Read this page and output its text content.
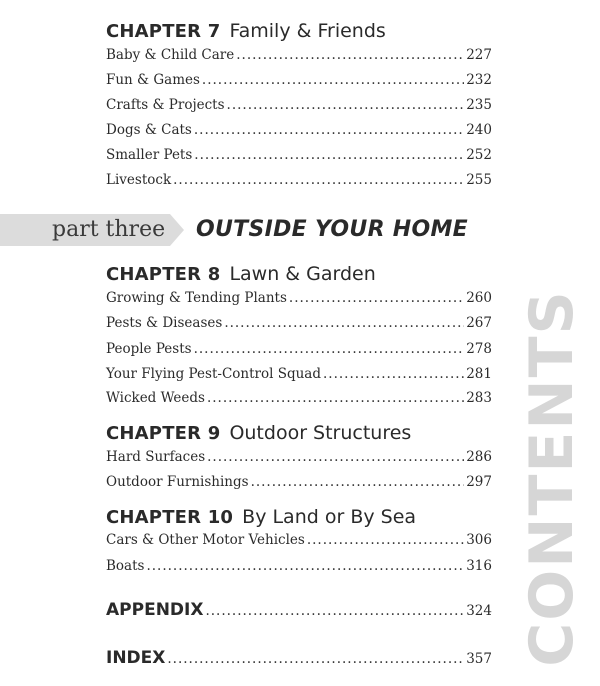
CHAPTER 7 Family & Friends
Baby & Child Care .....	227
Fun & Games .....	232
Crafts & Projects .....	235
Dogs & Cats .....	240
Smaller Pets .....	252
Livestock .....	255
part three OUTSIDE YOUR HOME
CHAPTER 8 Lawn & Garden
Growing & Tending Plants .....	260
Pests & Diseases .....	267
People Pests .....	278
Your Flying Pest-Control Squad .....	281
Wicked Weeds .....	283
CHAPTER 9 Outdoor Structures
Hard Surfaces .....	286
Outdoor Furnishings .....	297
CHAPTER 10 By Land or By Sea
Cars & Other Motor Vehicles .....	306
Boats .....	316
APPENDIX .....	324
INDEX .....	357 CONTENTS
